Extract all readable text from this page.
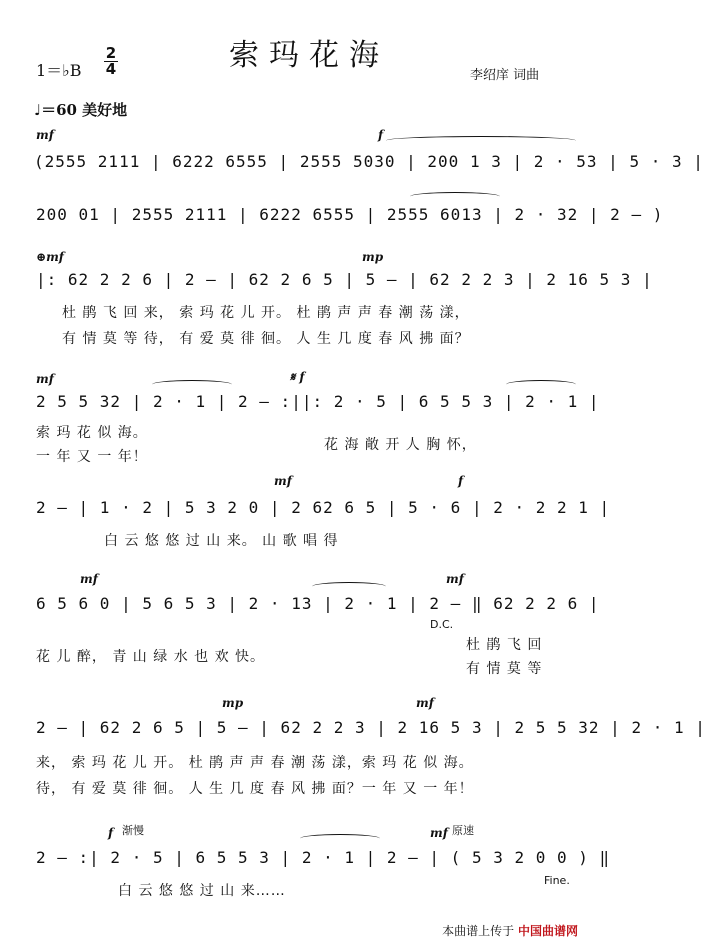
索玛花海
1＝♭B
2
4	李绍庠 词曲
♩＝60 美好地
mf	f
(2555 2111 | 6222 6555 | 2555 5030 | 200 1 3 | 2 · 53 | 5 · 3 |
200 01 | 2555 2111 | 6222 6555 | 2555 6013 | 2 · 32 | 2 — )
⊕mf	mp
|: 62 2 2 6 | 2 — | 62 2 6 5 | 5 — | 62 2 2 3 | 2 16 5 3 |
杜 鹃 飞 回 来， 索 玛 花 儿 开。 杜 鹃 声 声 春 潮 荡 漾，
有 情 莫 等 待， 有 爱 莫 徘 徊。 人 生 几 度 春 风 拂 面？
mf	𝄋 f
2 5 5 32 | 2 · 1 | 2 — :||: 2 · 5 | 6 5 5 3 | 2 · 1 |
索 玛 花 似 海。
一 年 又 一 年！
花 海 敞 开 人 胸 怀，
mf	f
2 — | 1 · 2 | 5 3 2 0 | 2 62 6 5 | 5 · 6 | 2 · 2 2 1 |
白 云 悠 悠 过 山 来。 山 歌 唱 得
mf	mf
6 5 6 0 | 5 6 5 3 | 2 · 13 | 2 · 1 | 2 — ‖ 62 2 2 6 |
D.C.
花 儿 醉， 青 山 绿 水 也 欢 快。
杜 鹃 飞 回
有 情 莫 等
mp	mf
2 — | 62 2 6 5 | 5 — | 62 2 2 3 | 2 16 5 3 | 2 5 5 32 | 2 · 1 |
来， 索 玛 花 儿 开。 杜 鹃 声 声 春 潮 荡 漾，索 玛 花 似 海。
待， 有 爱 莫 徘 徊。 人 生 几 度 春 风 拂 面？一 年 又 一 年！
f 渐慢	mf 原速
2 — :| 2 · 5 | 6 5 5 3 | 2 · 1 | 2 — | ( 5 3 2 0 0 ) ‖
Fine.
白 云 悠 悠 过 山 来……
本曲谱上传于 中国曲谱网
